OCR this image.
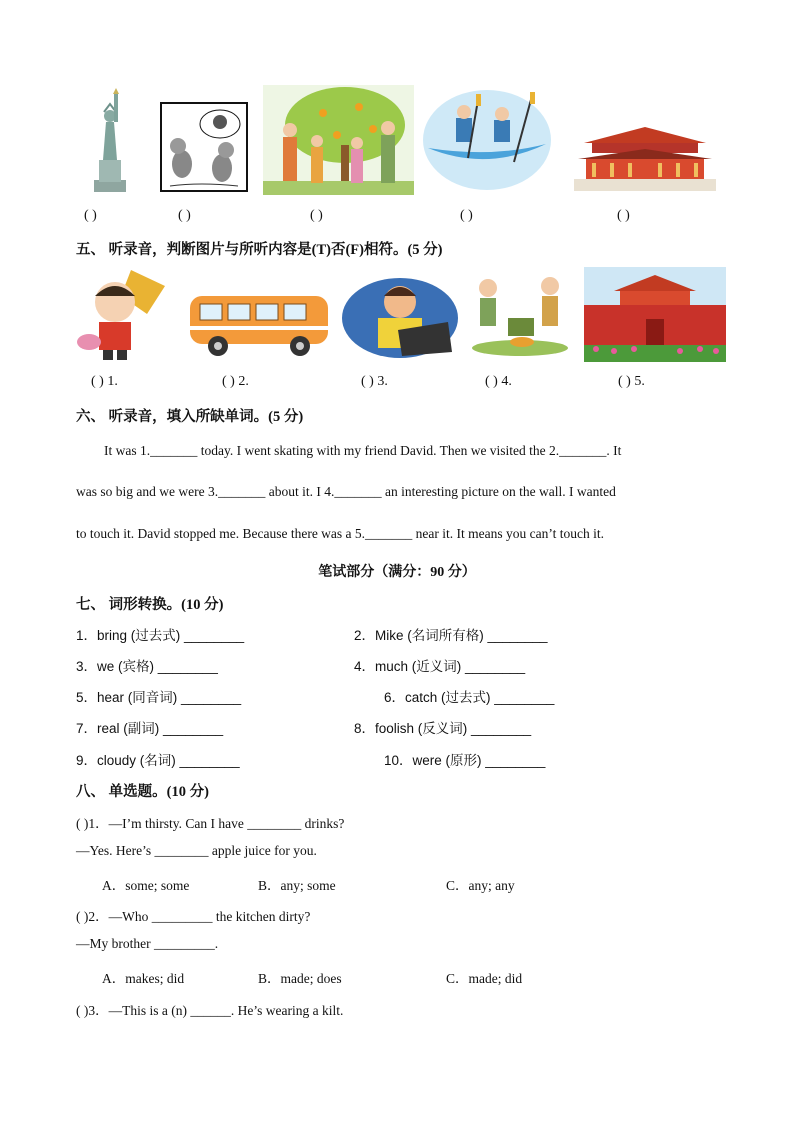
( )	( )	( )	( )	( )
五、 听录音，判断图片与所听内容是(T)否(F)相符。(5 分)
( ) 1.	( ) 2.	( ) 3.	( ) 4.	( ) 5.
六、 听录音，填入所缺单词。(5 分)
It was 1._______ today. I went skating with my friend David. Then we visited the 2._______. It
was so big and we were 3._______ about it. I 4._______ an interesting picture on the wall. I wanted
to touch it. David stopped me. Because there was a 5._______ near it. It means you can’t touch it.
笔试部分（满分：90 分）
七、 词形转换。(10 分)
1．bring (过去式) ________	2．Mike (名词所有格) ________
3．we (宾格) ________	4．much (近义词) ________
5．hear (同音词) ________	6．catch (过去式) ________
7．real (副词) ________	8．foolish (反义词) ________
9．cloudy (名词) ________	10．were (原形) ________
八、 单选题。(10 分)
( )1．—I’m thirsty. Can I have ________ drinks?
—Yes. Here’s ________ apple juice for you.
A．some; some	B．any; some	C．any; any
( )2．—Who _________ the kitchen dirty?
—My brother _________.
A．makes; did	B．made; does	C．made; did
( )3．—This is a (n) ______. He’s wearing a kilt.
